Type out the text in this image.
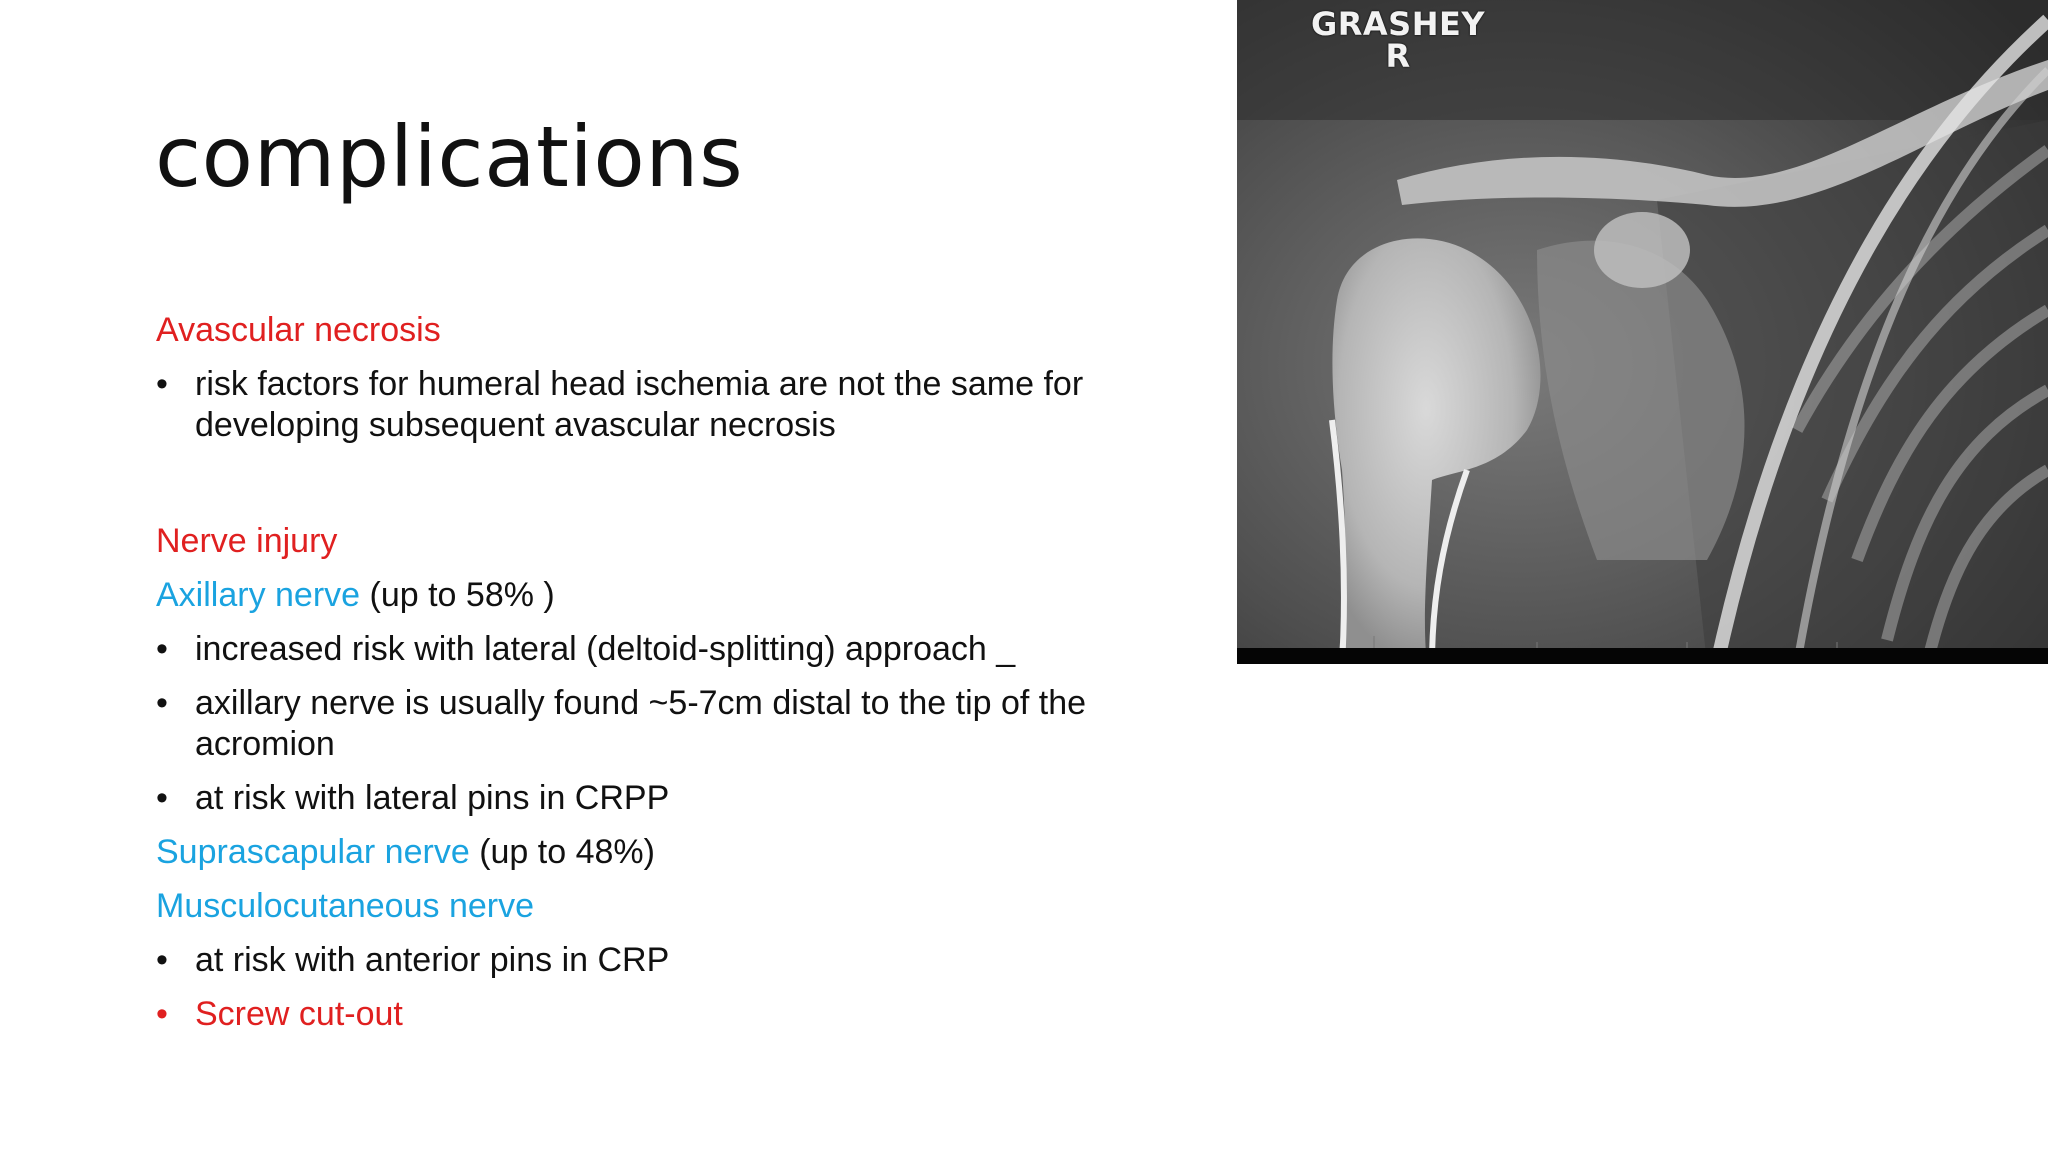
complications
Avascular necrosis
• risk factors for humeral head ischemia are not the same for developing subsequent avascular necrosis
Nerve injury
Axillary nerve (up to 58% )
• increased risk with lateral (deltoid-splitting) approach _
• axillary nerve is usually found ~5-7cm distal to the tip of the acromion
• at risk with lateral pins in CRPP
Suprascapular nerve (up to 48%)
Musculocutaneous nerve
• at risk with anterior pins in CRP
• Screw cut-out
GRASHEY
R
